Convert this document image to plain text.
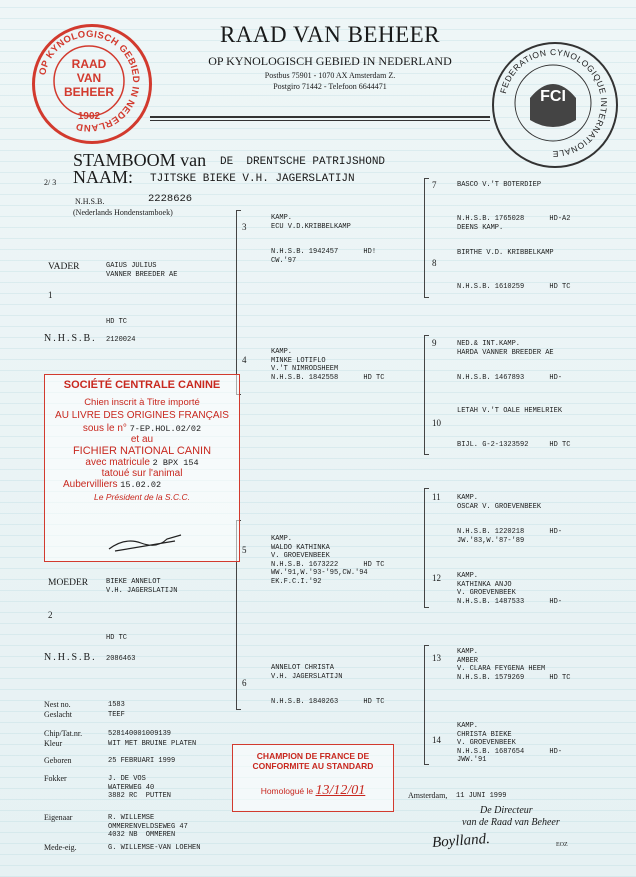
OP KYNOLOGISCH GEBIED IN NEDERLAND
RAAD
VAN
BEHEER
1902
RAAD VAN BEHEER
OP KYNOLOGISCH GEBIED IN NEDERLAND
Postbus 75901 - 1070 AX Amsterdam Z.
Postgiro 71442 - Telefoon 6644471	FEDERATION CYNOLOGIQUE INTERNATIONALE
FCI
STAMBOOM van DE  DRENTSCHE PATRIJSHOND
2/ 3 NAAM: TJITSKE BIEKE V.H. JAGERSLATIJN
N.H.S.B.	2228626
(Nederlands Hondenstamboek)
VADER	GAIUS JULIUS
VANNER BREEDER AE
1
HD TC
N.H.S.B. 2120024
MOEDER	BIEKE ANNELOT
V.H. JAGERSLATIJN
2
HD TC
N.H.S.B. 2086463
3
KAMP.
ECU V.D.KRIBBELKAMP

N.H.S.B. 1942457      HD!
CW.'97
4
KAMP.
MINKE LOTIFLO
V.'T NIMRODSHEEM
N.H.S.B. 1842558      HD TC
5
KAMP.
WALDO KATHINKA
V. GROEVENBEEK
N.H.S.B. 1673222      HD TC
WW.'91,W.'93-'95,CW.'94
EK.F.C.I.'92
6
ANNELOT CHRISTA
V.H. JAGERSLATIJN

N.H.S.B. 1840263      HD TC
7	BASCO V.'T BOTERDIEP

N.H.S.B. 1765028      HD-A2
DEENS KAMP.
8
BIRTHE V.D. KRIBBELKAMP

N.H.S.B. 1610259      HD TC
9	NED.& INT.KAMP.
HARDA VANNER BREEDER AE

N.H.S.B. 1467893      HD-
10
LETAH V.'T OALE HEMELRIEK

BIJL. G-2-1323592     HD TC
11 KAMP.
OSCAR V. GROEVENBEEK

N.H.S.B. 1220218      HD-
JW.'83,W.'87-'89
12 KAMP.
KATHINKA ANJO
V. GROEVENBEEK
N.H.S.B. 1487533      HD-
13
KAMP.
AMBER
V. CLARA FEYGENA HEEM
N.H.S.B. 1579269      HD TC
14
KAMP.
CHRISTA BIEKE
V. GROEVENBEEK
N.H.S.B. 1687654      HD-
JWW.'91
Nest no.	1583
Geslacht	TEEF
Chip/Tat.nr.	528140001009139
Kleur	WIT MET BRUINE PLATEN
Geboren	25 FEBRUARI 1999
Fokker	J. DE VOS
WATERWEG 40
3882 RC  PUTTEN
Eigenaar	R. WILLEMSE
OMMERENVELDSEWEG 47
4032 NB  OMMEREN
Mede-eig.	G. WILLEMSE-VAN LOEHEN
Amsterdam, 11 JUNI 1999
De Directeur
van de Raad van Beheer
Boylland.	EOZ
SOCIÉTÉ CENTRALE CANINE
Chien inscrit à Titre importé
AU LIVRE DES ORIGINES FRANÇAIS
sous le n° 7-EP.HOL.02/02
et au
FICHIER NATIONAL CANIN
avec matricule 2 BPX 154
tatoué sur l'animal
Aubervilliers 15.02.02
Le Président de la S.C.C.
CHAMPION DE FRANCE DE
CONFORMITE AU STANDARD
Homologué le 13/12/01
